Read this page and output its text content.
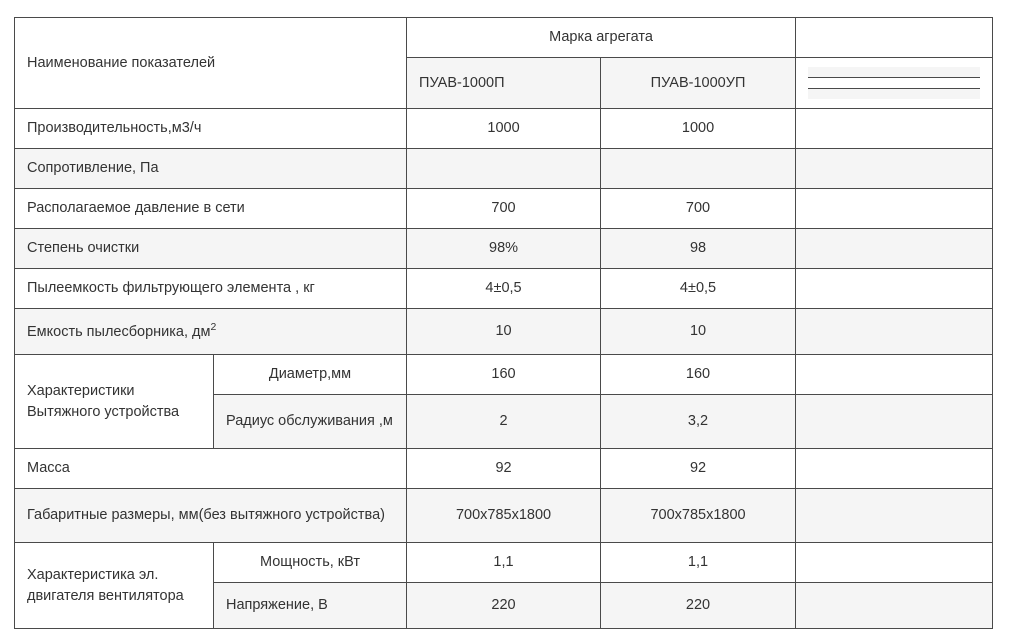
Наименование показателей		Марка агрегата		
		ПУАВ-1000П	ПУАВ-1000УП	

Производительность,м3/ч		1000	1000	
Сопротивление, Па				
Располагаемое давление в сети		700	700	
Степень очистки		98%	98	
Пылеемкость фильтрующего элемента , кг		4±0,5	4±0,5	
Емкость пылесборника, $дм^2$		10	10	
Характеристики Вытяжного устройства	Диаметр,мм	160	160	
	Радиус обслуживания ,м	2	3,2	
Масса		92	92	
Габаритные размеры, мм(без вытяжного устройства)		700x785x1800	700x785x1800	
Характеристика эл. двигателя вентилятора	Мощность, кВт	1,1	1,1	
	Напряжение, В	220	220	
